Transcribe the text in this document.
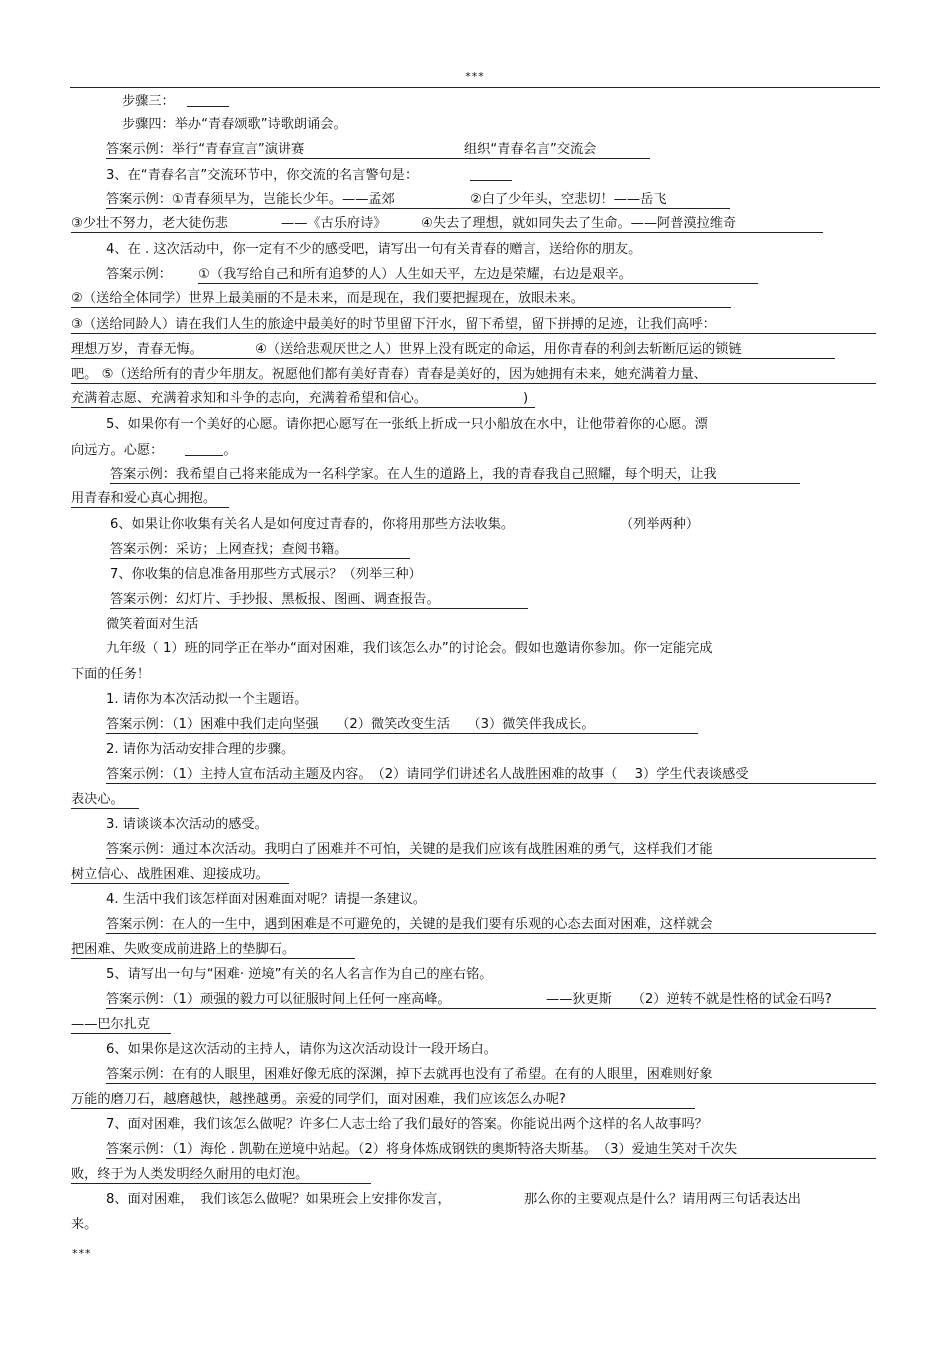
***
步骤三：
步骤四：举办“青春颂歌”诗歌朗诵会。
答案示例：举行“青春宣言”演讲赛	组织“青春名言”交流会
3、在“青春名言”交流环节中，你交流的名言警句是：
答案示例：①青春须早为，岂能长少年。——孟郊	②白了少年头，空悲切！——岳飞
③少壮不努力，老大徒伤悲	——《古乐府诗》	④失去了理想，就如同失去了生命。——阿普漠拉维奇
4、在 . 这次活动中，你一定有不少的感受吧，请写出一句有关青春的赠言，送给你的朋友。
答案示例： ①（我写给自己和所有追梦的人）人生如天平，左边是荣耀，右边是艰辛。
②（送给全体同学）世界上最美丽的不是未来，而是现在，我们要把握现在，放眼未来。
③（送给同龄人）请在我们人生的旅途中最美好的时节里留下汗水，留下希望，留下拼搏的足迹，让我们高呼：
理想万岁，青春无悔。	④（送给悲观厌世之人）世界上没有既定的命运，用你青春的利剑去斩断厄运的锁链
吧。 ⑤（送给所有的青少年朋友。祝愿他们都有美好青春）青春是美好的，因为她拥有未来，她充满着力量、
充满着志愿、充满着求知和斗争的志向，充满着希望和信心。	)
5、如果你有一个美好的心愿。请你把心愿写在一张纸上折成一只小船放在水中，让他带着你的心愿。漂
向远方。心愿：	。
答案示例：我希望自己将来能成为一名科学家。在人生的道路上，我的青春我自己照耀，每个明天，让我
用青春和爱心真心拥抱。
6、如果让你收集有关名人是如何度过青春的，你将用那些方法收集。	（列举两种）
答案示例：采访；上网查找；查阅书籍。
7、你收集的信息准备用那些方式展示？（列举三种）
答案示例：幻灯片、手抄报、黑板报、图画、调查报告。
微笑着面对生活
九年级（ 1）班的同学正在举办“面对困难，我们该怎么办”的讨论会。假如也邀请你参加。你一定能完成
下面的任务！
1. 请你为本次活动拟一个主题语。
答案示例：（1）困难中我们走向坚强　 （2）微笑改变生活　 （3）微笑伴我成长。
2. 请你为活动安排合理的步骤。
答案示例：（1）主持人宣布活动主题及内容。　（2）请同学们讲述名人战胜困难的故事（　 3）学生代表谈感受
表决心。
3. 请谈谈本次活动的感受。
答案示例：通过本次活动。我明白了困难并不可怕，关键的是我们应该有战胜困难的勇气，这样我们才能
树立信心、战胜困难、迎接成功。
4. 生活中我们该怎样面对困难面对呢？请提一条建议。
答案示例：在人的一生中，遇到困难是不可避免的，关键的是我们要有乐观的心态去面对困难，这样就会
把困难、失败变成前进路上的垫脚石。
5、请写出一句与“困难· 逆境”有关的名人名言作为自己的座右铭。
答案示例：（1）顽强的毅力可以征服时间上任何一座高峰。	——狄更斯　　（2）逆转不就是性格的试金石吗?
——巴尔扎克
6、如果你是这次活动的主持人，请你为这次活动设计一段开场白。
答案示例：在有的人眼里，困难好像无底的深渊，掉下去就再也没有了希望。在有的人眼里，困难则好象
万能的磨刀石，越磨越快，越挫越勇。亲爱的同学们，面对困难，我们应该怎么办呢?
7、面对困难，我们该怎么做呢？许多仁人志士给了我们最好的答案。你能说出两个这样的名人故事吗？
答案示例：（1）海伦 . 凯勒在逆境中站起。（2）将身体炼成钢铁的奥斯特洛夫斯基。　（3）爱迪生笑对千次失
败，终于为人类发明经久耐用的电灯泡。
8、面对困难，　我们该怎么做呢？如果班会上安排你发言，	那么你的主要观点是什么？请用两三句话表达出
来。
***
